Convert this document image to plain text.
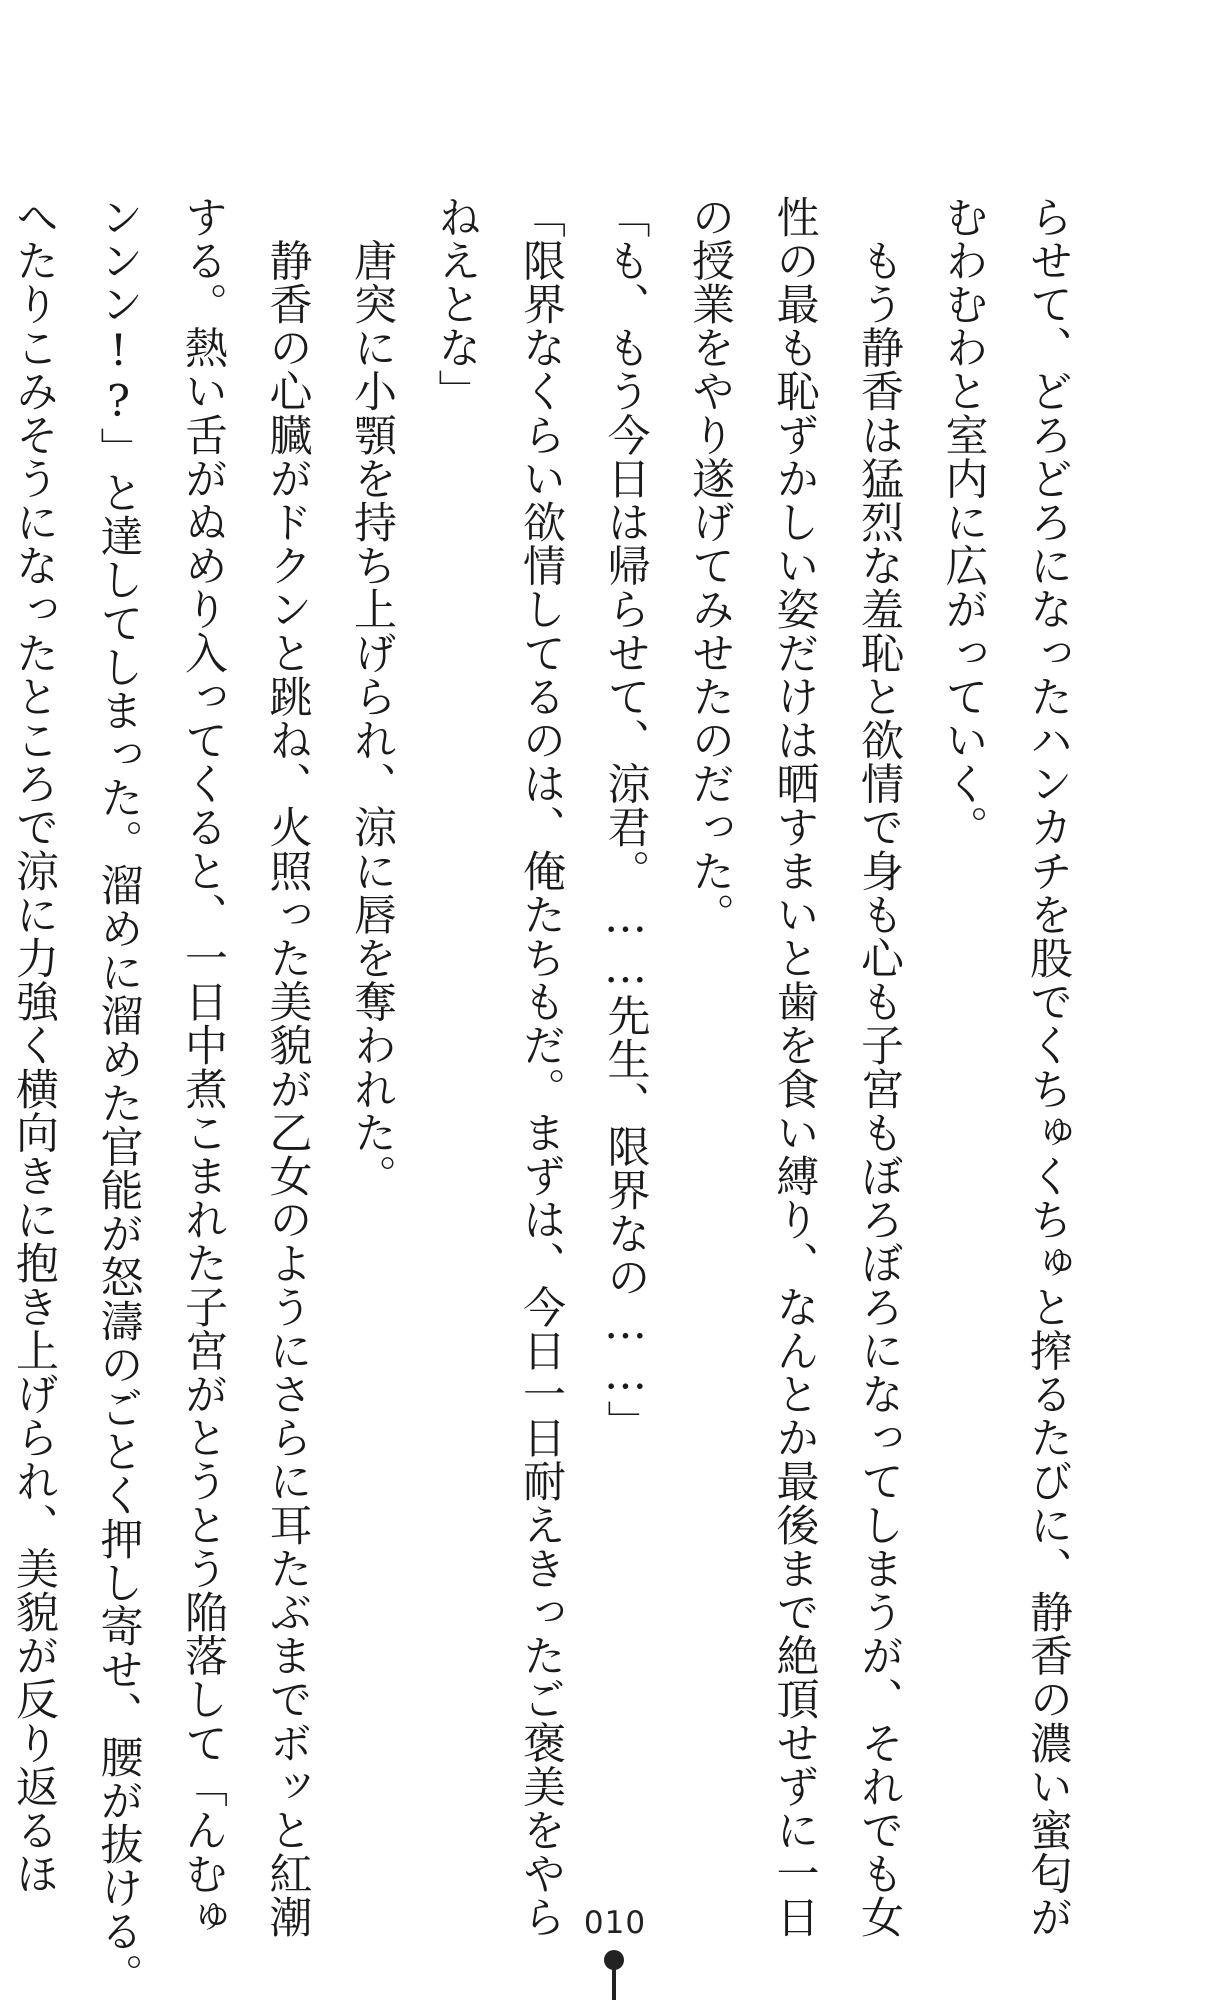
らせて、どろどろになったハンカチを股でくちゅくちゅと搾るたびに、静香の濃い蜜匂が
むわむわと室内に広がっていく。
　もう静香は猛烈な羞恥と欲情で身も心も子宮もぼろぼろになってしまうが、それでも女
性の最も恥ずかしい姿だけは晒すまいと歯を食い縛り、なんとか最後まで絶頂せずに一日
の授業をやり遂げてみせたのだった。
「も、もう今日は帰らせて、涼君。……先生、限界なの……」
「限界なくらい欲情してるのは、俺たちもだ。まずは、今日一日耐えきったご褒美をやら
ねえとな」
　唐突に小顎を持ち上げられ、涼に唇を奪われた。
　静香の心臓がドクンと跳ね、火照った美貌が乙女のようにさらに耳たぶまでボッと紅潮
する。熱い舌がぬめり入ってくると、一日中煮こまれた子宮がとうとう陥落して「んむゅ
ンンン!?」と達してしまった。溜めに溜めた官能が怒濤のごとく押し寄せ、腰が抜ける。
へたりこみそうになったところで涼に力強く横向きに抱き上げられ、美貌が反り返るほ
010
